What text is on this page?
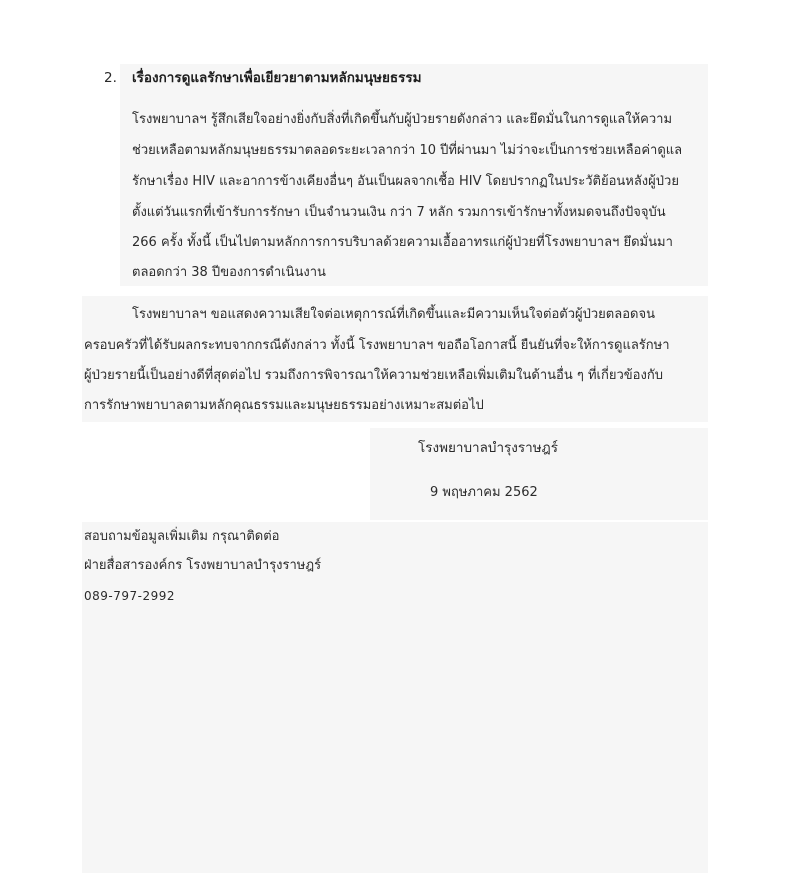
2. เรื่องการดูแลรักษาเพื่อเยียวยาตามหลักมนุษยธรรม
โรงพยาบาลฯ รู้สึกเสียใจอย่างยิ่งกับสิ่งที่เกิดขึ้นกับผู้ป่วยรายดังกล่าว และยึดมั่นในการดูแลให้ความ
ช่วยเหลือตามหลักมนุษยธรรมาตลอดระยะเวลากว่า 10 ปีที่ผ่านมา ไม่ว่าจะเป็นการช่วยเหลือค่าดูแล
รักษาเรื่อง HIV และอาการข้างเคียงอื่นๆ อันเป็นผลจากเชื้อ HIV โดยปรากฏในประวัติย้อนหลังผู้ป่วย
ตั้งแต่วันแรกที่เข้ารับการรักษา เป็นจำนวนเงิน กว่า 7 หลัก รวมการเข้ารักษาทั้งหมดจนถึงปัจจุบัน
266 ครั้ง ทั้งนี้ เป็นไปตามหลักการการบริบาลด้วยความเอื้ออาทรแก่ผู้ป่วยที่โรงพยาบาลฯ ยึดมั่นมา
ตลอดกว่า 38 ปีของการดำเนินงาน
โรงพยาบาลฯ ขอแสดงความเสียใจต่อเหตุการณ์ที่เกิดขึ้นและมีความเห็นใจต่อตัวผู้ป่วยตลอดจน
ครอบครัวที่ได้รับผลกระทบจากกรณีดังกล่าว ทั้งนี้ โรงพยาบาลฯ ขอถือโอกาสนี้ ยืนยันที่จะให้การดูแลรักษา
ผู้ป่วยรายนี้เป็นอย่างดีที่สุดต่อไป รวมถึงการพิจารณาให้ความช่วยเหลือเพิ่มเติมในด้านอื่น ๆ ที่เกี่ยวข้องกับ
การรักษาพยาบาลตามหลักคุณธรรมและมนุษยธรรมอย่างเหมาะสมต่อไป
โรงพยาบาลบำรุงราษฎร์
9 พฤษภาคม 2562
สอบถามข้อมูลเพิ่มเติม กรุณาติดต่อ
ฝ่ายสื่อสารองค์กร โรงพยาบาลบำรุงราษฎร์
089-797-2992
